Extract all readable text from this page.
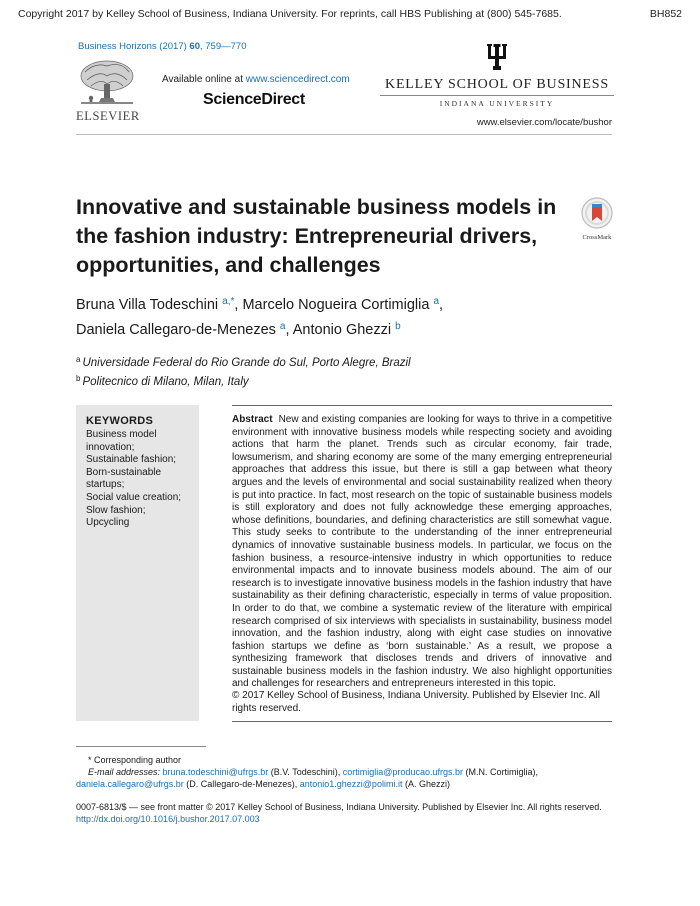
Copyright 2017 by Kelley School of Business, Indiana University. For reprints, call HBS Publishing at (800) 545-7685.	BH852
Business Horizons (2017) 60, 759—770
ELSEVIER
Available online at www.sciencedirect.com
ScienceDirect
KELLEY SCHOOL OF BUSINESS
INDIANA UNIVERSITY
www.elsevier.com/locate/bushor
Innovative and sustainable business models in the fashion industry: Entrepreneurial drivers, opportunities, and challenges
CrossMark
Bruna Villa Todeschini $^{a,*}$, Marcelo Nogueira Cortimiglia $^a$,
Daniela Callegaro-de-Menezes $^a$, Antonio Ghezzi $^b$
$^a$ Universidade Federal do Rio Grande do Sul, Porto Alegre, Brazil
$^b$ Politecnico di Milano, Milan, Italy
KEYWORDS
Business model innovation;
Sustainable fashion;
Born-sustainable startups;
Social value creation;
Slow fashion;
Upcycling

Abstract New and existing companies are looking for ways to thrive in a competitive environment with innovative business models while respecting society and avoiding actions that harm the planet. Trends such as circular economy, fair trade, lowsumerism, and sharing economy are some of the many emerging entrepreneurial approaches that address this issue, but there is still a gap between what theory argues and the levels of environmental and social sustainability realized when theory is put into practice. In fact, most research on the topic of sustainable business models is still exploratory and does not fully acknowledge these emerging approaches, whose definitions, boundaries, and defining characteristics are still somewhat vague. This study seeks to contribute to the understanding of the inner entrepreneurial dynamics of innovative sustainable business models. In particular, we focus on the fashion business, a resource-intensive industry in which opportunities to reduce environmental impacts and to innovate business models abound. The aim of our research is to investigate innovative business models in the fashion industry that have sustainability as their defining characteristic, especially in terms of value proposition. In order to do that, we combine a systematic review of the literature with empirical research comprised of six interviews with specialists in sustainability, business model innovation, and the fashion industry, along with eight case studies on innovative fashion startups we define as ‘born sustainable.’ As a result, we propose a synthesizing framework that discloses trends and drivers of innovative and sustainable business models in the fashion industry. We also highlight opportunities and challenges for researchers and entrepreneurs interested in this topic.

© 2017 Kelley School of Business, Indiana University. Published by Elsevier Inc. All rights reserved.
* Corresponding author
E-mail addresses: bruna.todeschini@ufrgs.br (B.V. Todeschini), cortimiglia@producao.ufrgs.br (M.N. Cortimiglia),
daniela.callegaro@ufrgs.br (D. Callegaro-de-Menezes), antonio1.ghezzi@polimi.it (A. Ghezzi)
0007-6813/$ — see front matter © 2017 Kelley School of Business, Indiana University. Published by Elsevier Inc. All rights reserved.
http://dx.doi.org/10.1016/j.bushor.2017.07.003
